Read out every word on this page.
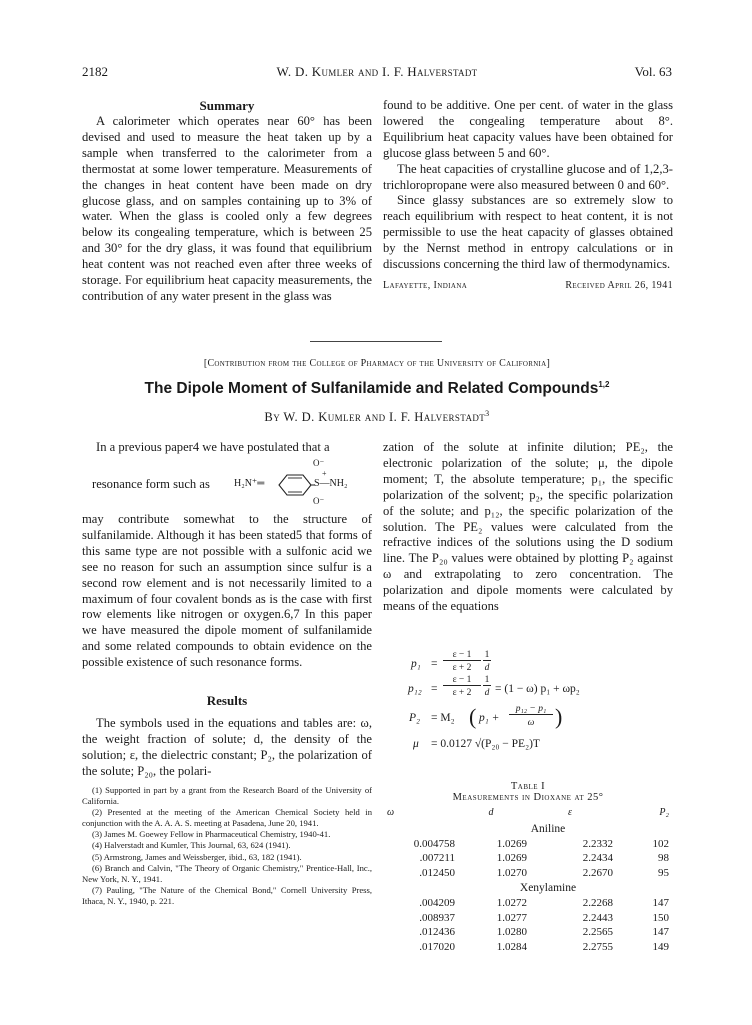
2182	W. D. Kumler and I. F. Halverstadt	Vol. 63
Summary

A calorimeter which operates near 60° has been devised and used to measure the heat taken up by a sample when transferred to the calorimeter from a thermostat at some lower temperature. Measurements of the changes in heat content have been made on dry glucose glass, and on samples containing up to 3% of water. When the glass is cooled only a few degrees below its congealing temperature, which is between 25 and 30° for the dry glass, it was found that equilibrium heat content was not reached even after three weeks of storage. For equilibrium heat capacity measurements, the contribution of any water present in the glass was

found to be additive. One per cent. of water in the glass lowered the congealing temperature about 8°. Equilibrium heat capacity values have been obtained for glucose glass between 5 and 60°.

The heat capacities of crystalline glucose and of 1,2,3-trichloropropane were also measured between 0 and 60°.

Since glassy substances are so extremely slow to reach equilibrium with respect to heat content, it is not permissible to use the heat capacity of glasses obtained by the Nernst method in entropy calculations or in discussions concerning the third law of thermodynamics.

Lafayette, Indiana	Received April 26, 1941
[Contribution from the College of Pharmacy of the University of California]
The Dipole Moment of Sulfanilamide and Related Compounds$^{1,2}$
By W. D. Kumler and I. F. Halverstadt$^3$

In a previous paper4 we have postulated that a

resonance form such as H₂N⁺═	S—NH₂
O⁻
+
O⁻

may contribute somewhat to the structure of sulfanilamide. Although it has been stated5 that forms of this same type are not possible with a sulfonic acid we see no reason for such an assumption since sulfur is a second row element and is not necessarily limited to a maximum of four covalent bonds as is the case with first row elements like nitrogen or oxygen.6,7 In this paper we have measured the dipole moment of sulfanilamide and some related compounds to obtain evidence on the possible existence of such resonance forms.

Results

The symbols used in the equations and tables are: ω, the weight fraction of solute; d, the density of the solution; ε, the dielectric constant; P₂, the polarization of the solute; P₂₀, the polari-

(1) Supported in part by a grant from the Research Board of the University of California.
(2) Presented at the meeting of the American Chemical Society held in conjunction with the A. A. A. S. meeting at Pasadena, June 20, 1941.
(3) James M. Goewey Fellow in Pharmaceutical Chemistry, 1940-41.
(4) Halverstadt and Kumler, This Journal, 63, 624 (1941).
(5) Armstrong, James and Weissberger, ibid., 63, 182 (1941).
(6) Branch and Calvin, "The Theory of Organic Chemistry," Prentice-Hall, Inc., New York, N. Y., 1941.
(7) Pauling, "The Nature of the Chemical Bond," Cornell University Press, Ithaca, N. Y., 1940, p. 221.

zation of the solute at infinite dilution; PE₂, the electronic polarization of the solute; μ, the dipole moment; T, the absolute temperature; p₁, the specific polarization of the solvent; p₂, the specific polarization of the solute; and p₁₂, the specific polarization of the solution. The PE₂ values were calculated from the refractive indices of the solutions using the D sodium line. The P₂₀ values were obtained by plotting P₂ against ω and extrapolating to zero concentration. The polarization and dipole moments were calculated by means of the equations

p₁ =
ε − 1
ε + 2
1
d
p₁₂ =
ε − 1
ε + 2
1
d = (1 − ω) p₁ + ωp₂
P₂ = M₂ ( p₁ +
p₁₂ − p₁
ω )
μ = 0.0127 √(P₂₀ − PE₂)T
Table I
Measurements in Dioxane at 25°
ω	d	ε	P₂
Aniline
0.004758	1.0269	2.2332	102
.007211	1.0269	2.2434	98
.012450	1.0270	2.2670	95
Xenylamine
.004209	1.0272	2.2268	147
.008937	1.0277	2.2443	150
.012436	1.0280	2.2565	147
.017020	1.0284	2.2755	149
